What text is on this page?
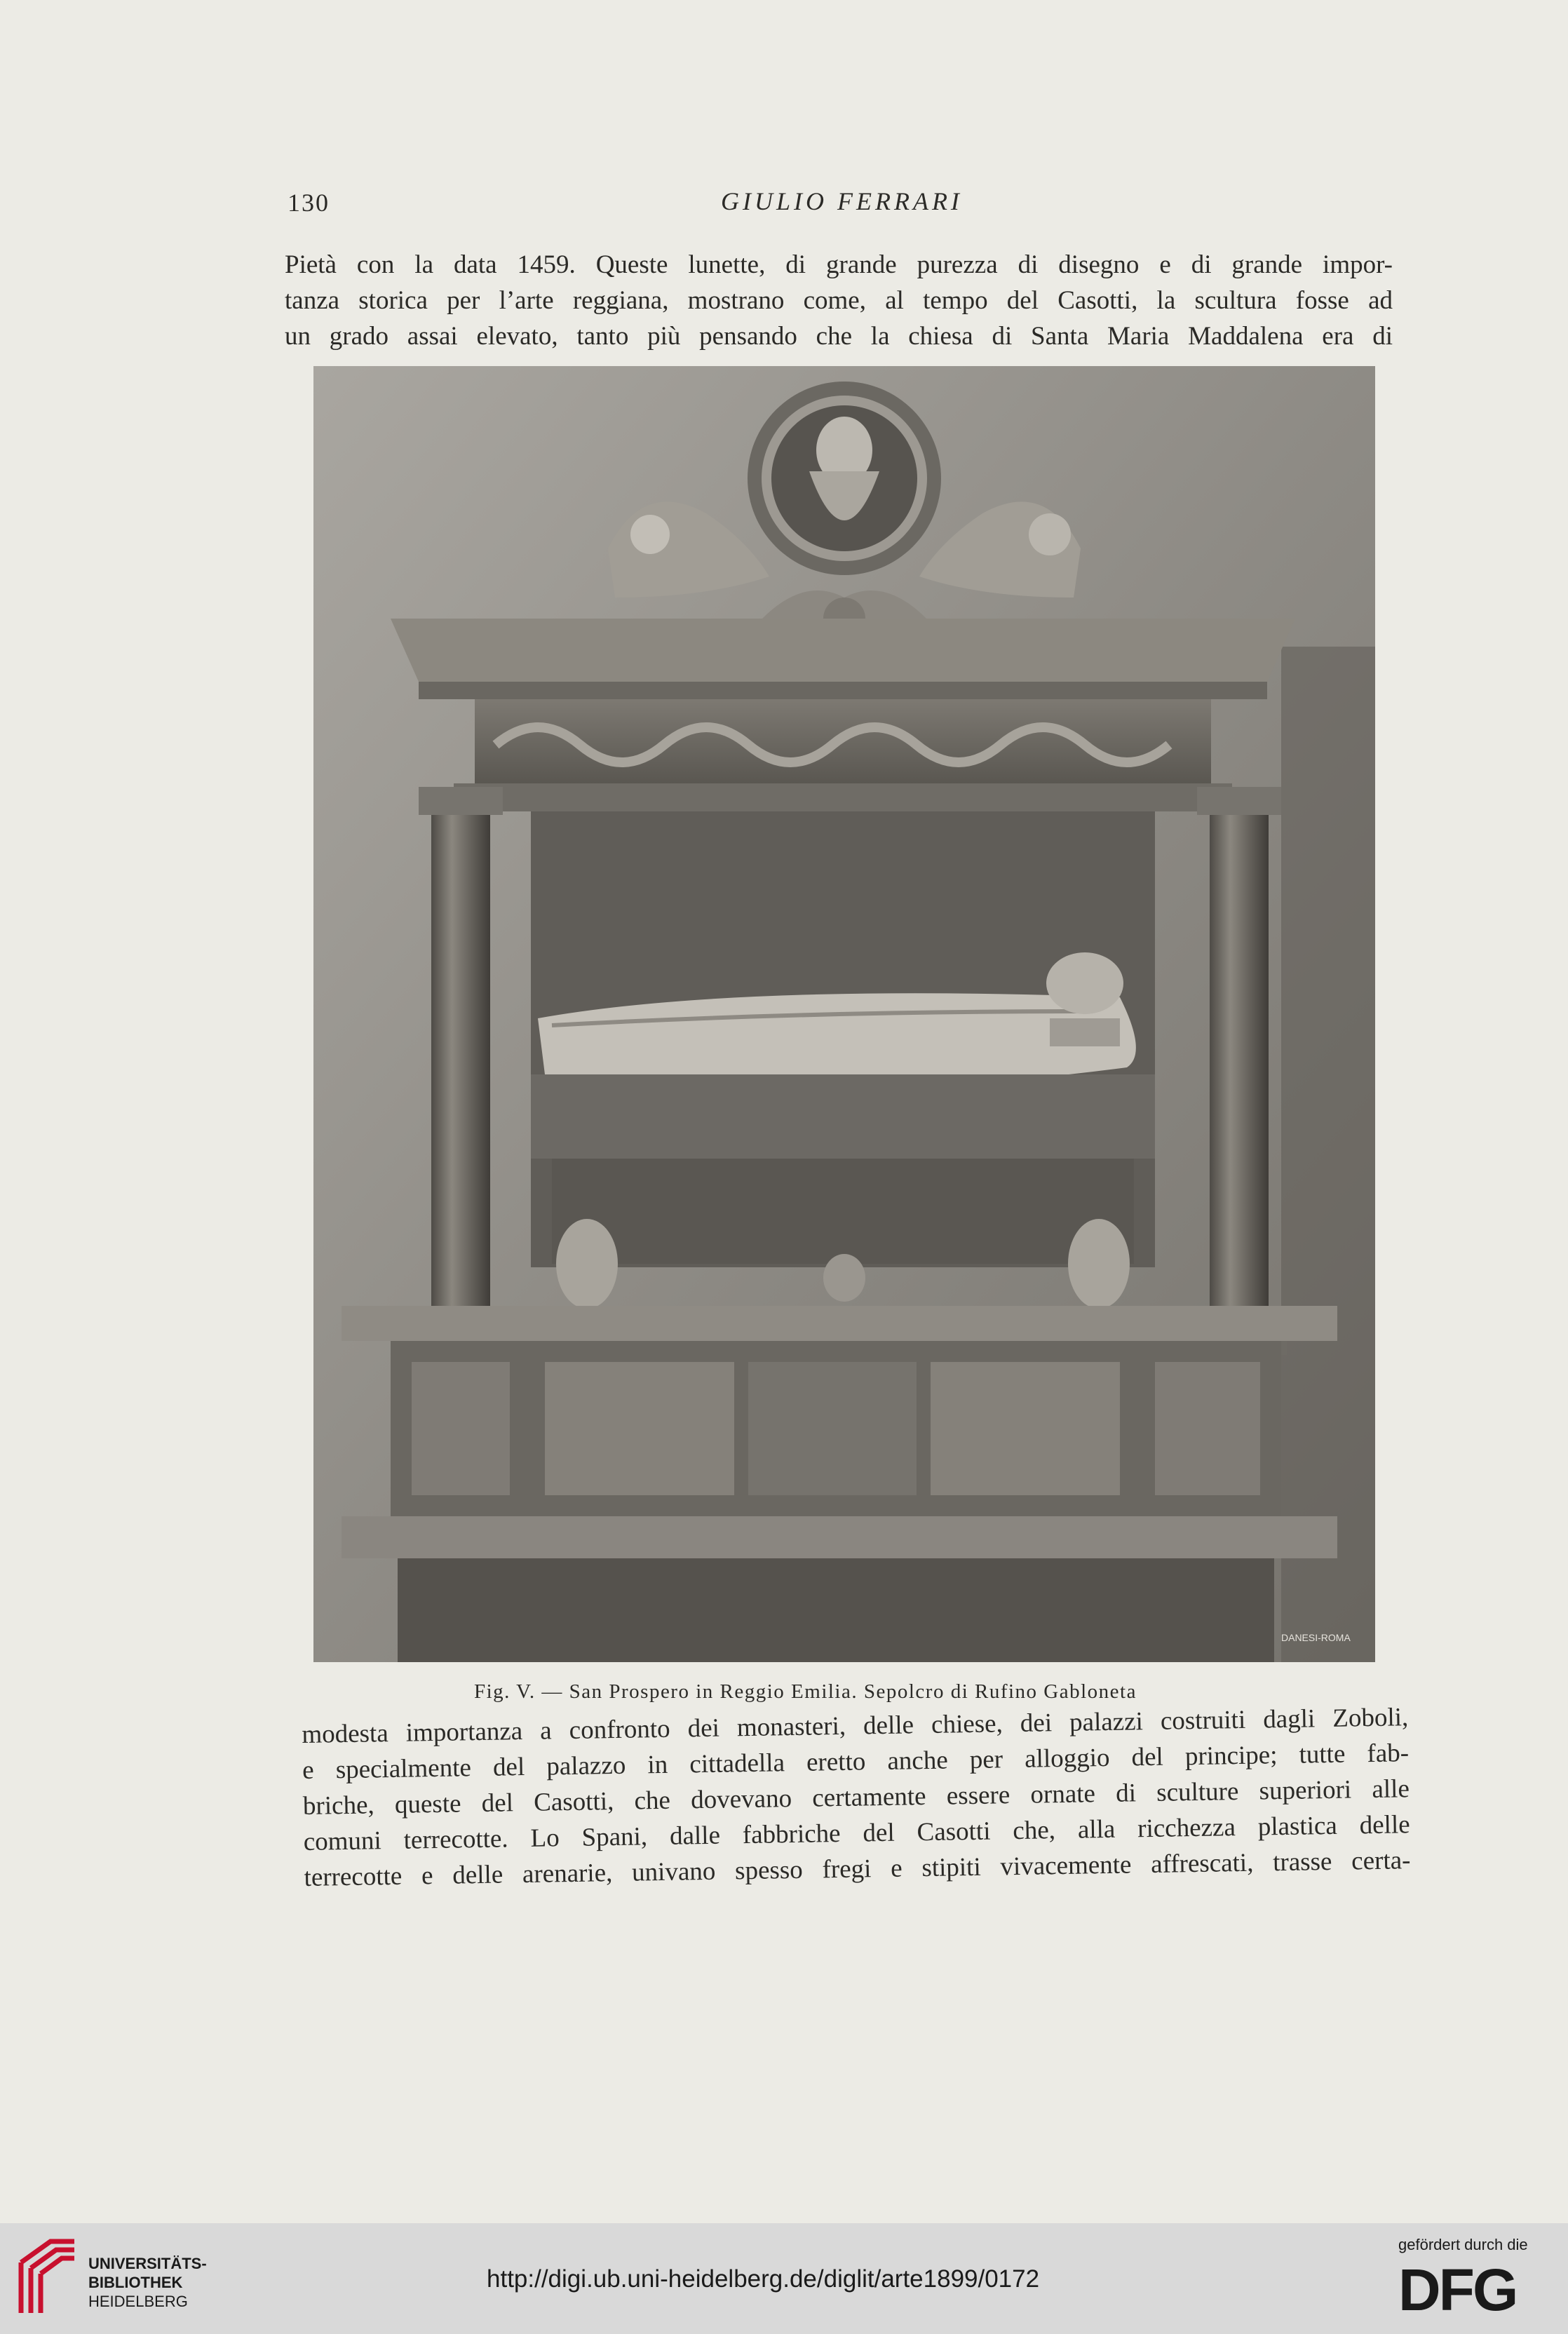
130	GIULIO FERRARI
Pietà con la data 1459. Queste lunette, di grande purezza di disegno e di grande impor-
tanza storica per l’arte reggiana, mostrano come, al tempo del Casotti, la scultura fosse ad
un grado assai elevato, tanto più pensando che la chiesa di Santa Maria Maddalena era di
DANESI-ROMA
Fig. V. — San Prospero in Reggio Emilia. Sepolcro di Rufino Gabloneta
modesta importanza a confronto dei monasteri, delle chiese, dei palazzi costruiti dagli Zoboli,
e specialmente del palazzo in cittadella eretto anche per alloggio del principe; tutte fab-
briche, queste del Casotti, che dovevano certamente essere ornate di sculture superiori alle
comuni terrecotte. Lo Spani, dalle fabbriche del Casotti che, alla ricchezza plastica delle
terrecotte e delle arenarie, univano spesso fregi e stipiti vivacemente affrescati, trasse certa-
UNIVERSITÄTS-
BIBLIOTHEK
HEIDELBERG
http://digi.ub.uni-heidelberg.de/diglit/arte1899/0172
gefördert durch die
DFG
